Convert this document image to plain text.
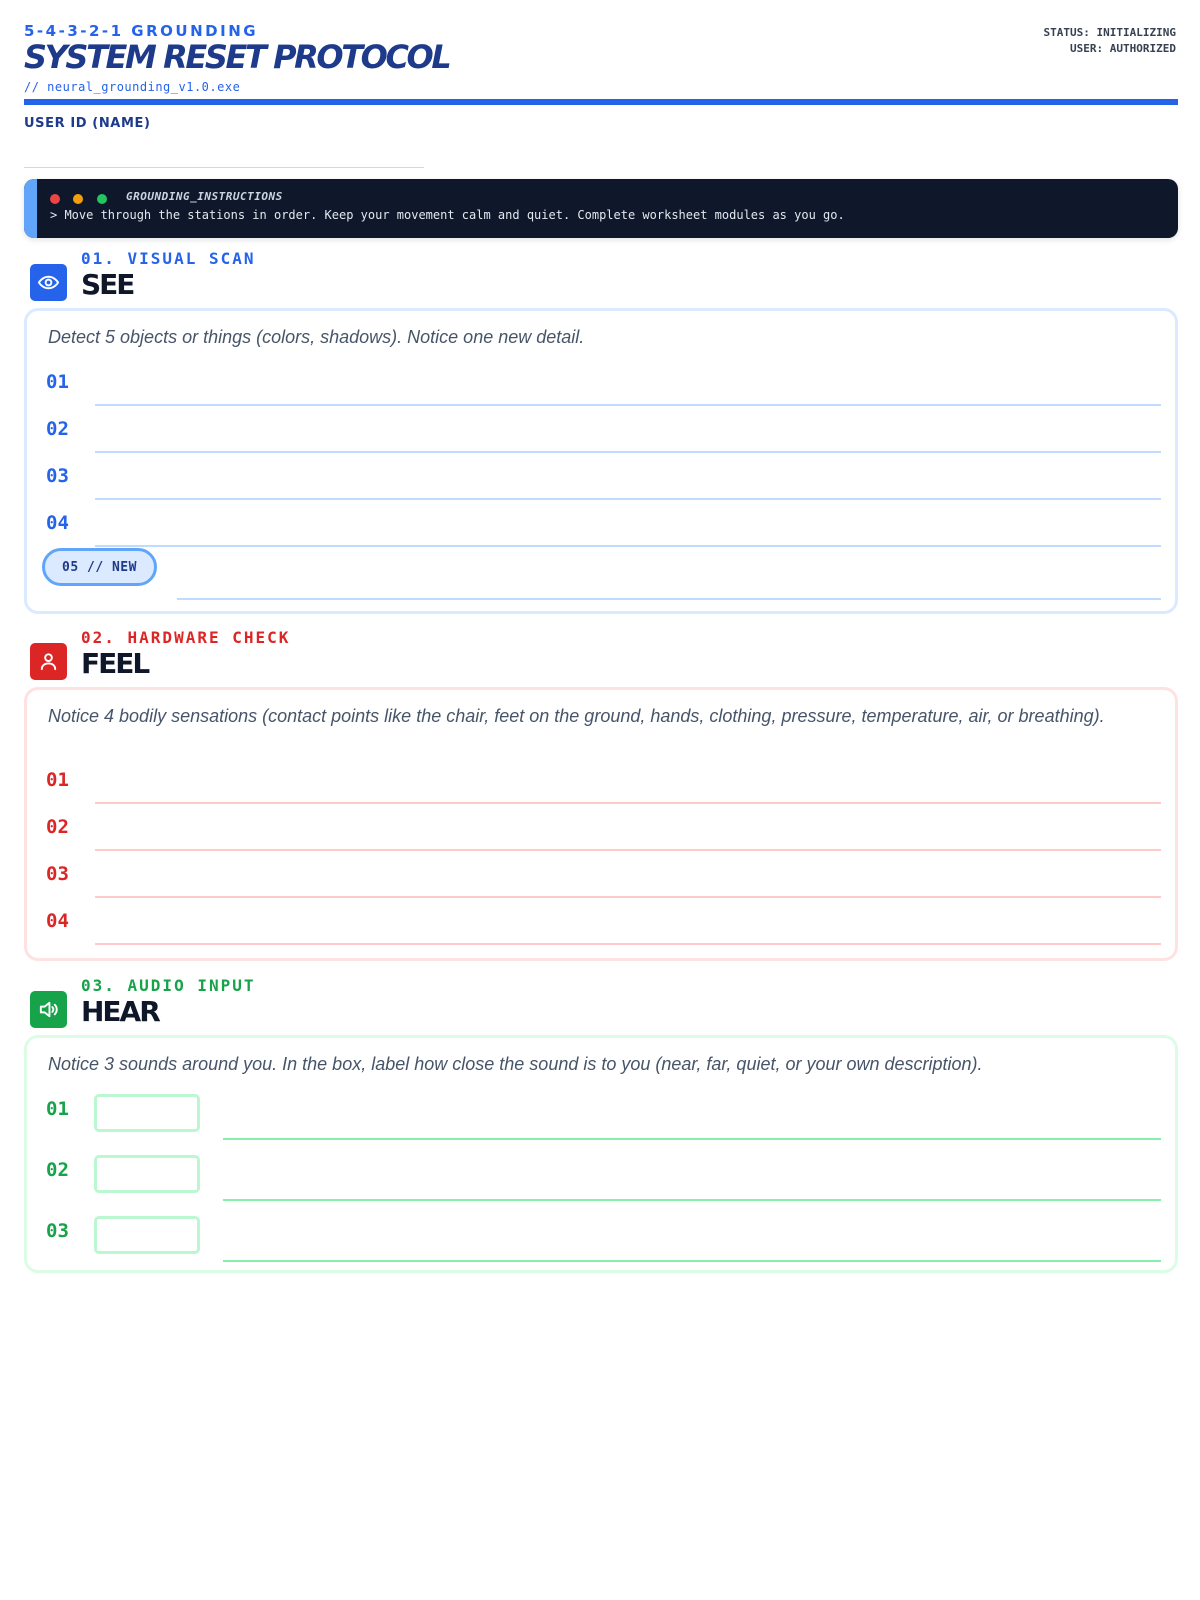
5-4-3-2-1 GROUNDING
SYSTEM RESET PROTOCOL
// neural_grounding_v1.0.exe
STATUS: INITIALIZING
USER: AUTHORIZED
USER ID (NAME)
GROUNDING_INSTRUCTIONS
> Move through the stations in order. Keep your movement calm and quiet. Complete worksheet modules as you go.
01. VISUAL SCAN
SEE
Detect 5 objects or things (colors, shadows). Notice one new detail.
01
02
03
04
05 // NEW
02. HARDWARE CHECK
FEEL
Notice 4 bodily sensations (contact points like the chair, feet on the ground, hands, clothing, pressure, temperature, air, or breathing).
01
02
03
04
03. AUDIO INPUT
HEAR
Notice 3 sounds around you. In the box, label how close the sound is to you (near, far, quiet, or your own description).
01
02
03
